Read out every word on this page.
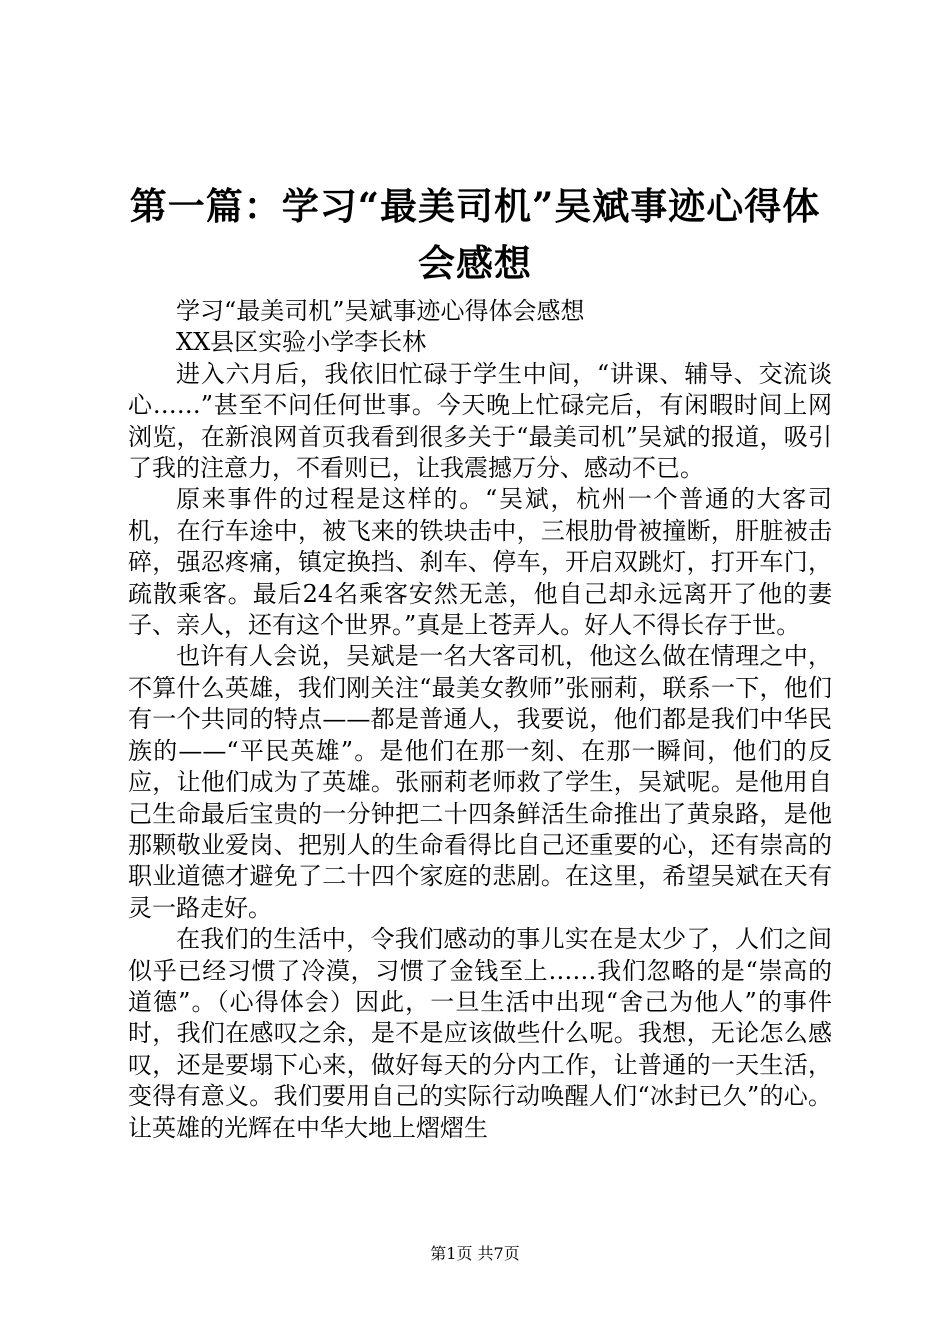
第一篇：学习“最美司机”吴斌事迹心得体会感想

学习“最美司机”吴斌事迹心得体会感想

XX县区实验小学李长林

进入六月后，我依旧忙碌于学生中间，“讲课、辅导、交流谈心……”甚至不问任何世事。今天晚上忙碌完后，有闲暇时间上网浏览，在新浪网首页我看到很多关于“最美司机”吴斌的报道，吸引了我的注意力，不看则已，让我震撼万分、感动不已。

原来事件的过程是这样的。“吴斌，杭州一个普通的大客司机，在行车途中，被飞来的铁块击中，三根肋骨被撞断，肝脏被击碎，强忍疼痛，镇定换挡、刹车、停车，开启双跳灯，打开车门，疏散乘客。最后24名乘客安然无恙，他自己却永远离开了他的妻子、亲人，还有这个世界。”真是上苍弄人。好人不得长存于世。

也许有人会说，吴斌是一名大客司机，他这么做在情理之中，不算什么英雄，我们刚关注“最美女教师”张丽莉，联系一下，他们有一个共同的特点——都是普通人，我要说，他们都是我们中华民族的——“平民英雄”。是他们在那一刻、在那一瞬间，他们的反应，让他们成为了英雄。张丽莉老师救了学生，吴斌呢。是他用自己生命最后宝贵的一分钟把二十四条鲜活生命推出了黄泉路，是他那颗敬业爱岗、把别人的生命看得比自己还重要的心，还有崇高的职业道德才避免了二十四个家庭的悲剧。在这里，希望吴斌在天有灵一路走好。

在我们的生活中，令我们感动的事儿实在是太少了，人们之间似乎已经习惯了冷漠，习惯了金钱至上……我们忽略的是“崇高的道德”。（心得体会）因此，一旦生活中出现“舍己为他人”的事件时，我们在感叹之余，是不是应该做些什么呢。我想，无论怎么感叹，还是要塌下心来，做好每天的分内工作，让普通的一天生活，变得有意义。我们要用自己的实际行动唤醒人们“冰封已久”的心。让英雄的光辉在中华大地上熠熠生

第1页 共7页
